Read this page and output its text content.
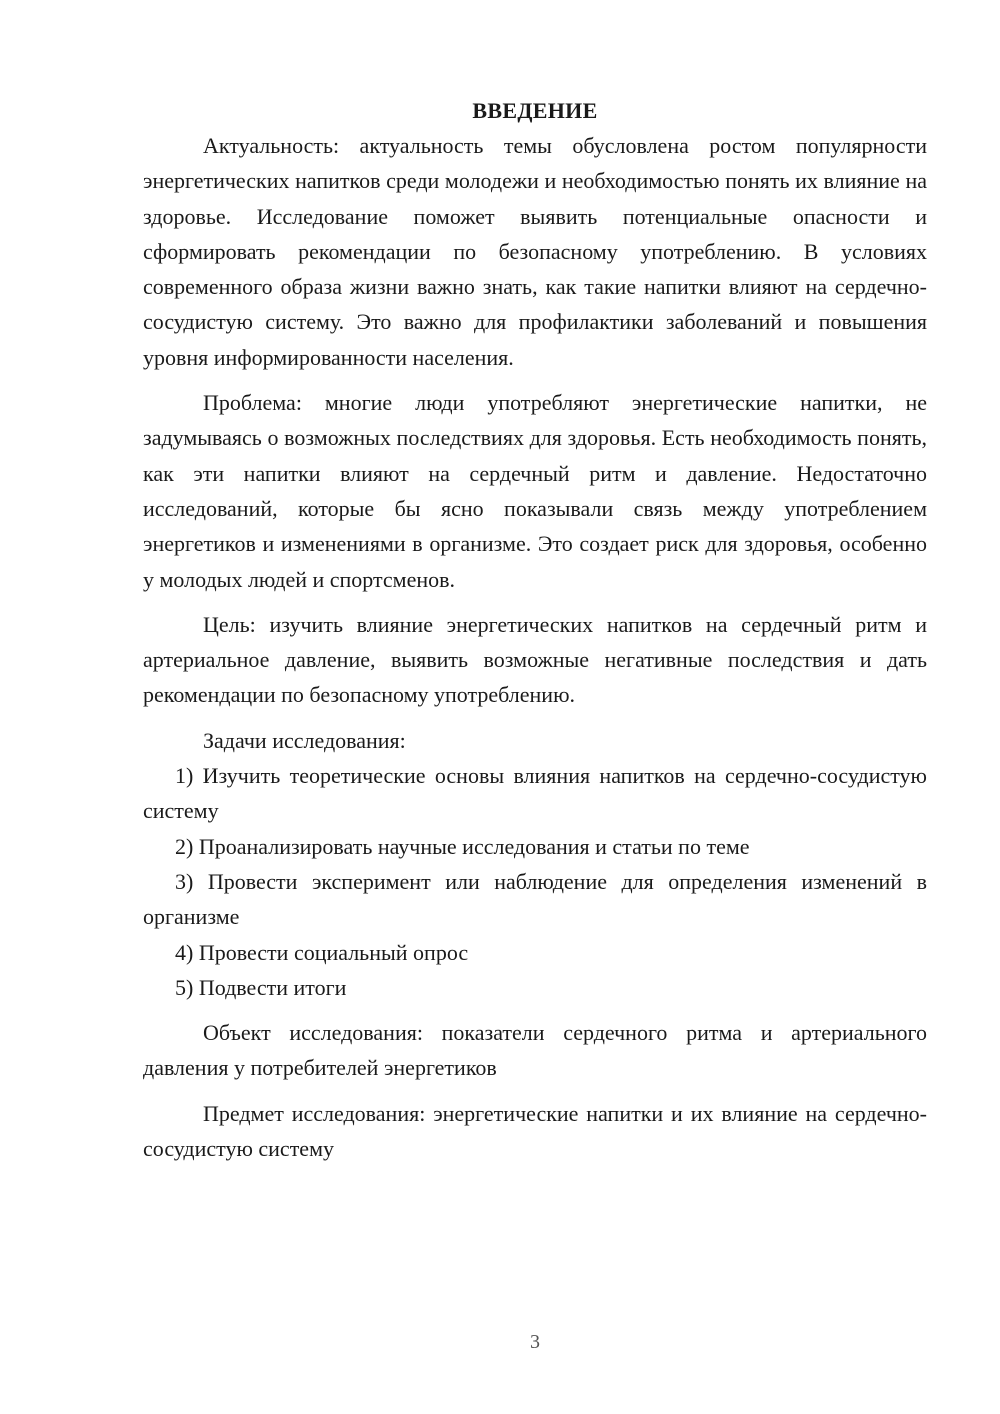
ВВЕДЕНИЕ

Актуальность: актуальность темы обусловлена ростом популярности энергетических напитков среди молодежи и необходимостью понять их влияние на здоровье. Исследование поможет выявить потенциальные опасности и сформировать рекомендации по безопасному употреблению. В условиях современного образа жизни важно знать, как такие напитки влияют на сердечно-сосудистую систему. Это важно для профилактики заболеваний и повышения уровня информированности населения.

Проблема: многие люди употребляют энергетические напитки, не задумываясь о возможных последствиях для здоровья. Есть необходимость понять, как эти напитки влияют на сердечный ритм и давление. Недостаточно исследований, которые бы ясно показывали связь между употреблением энергетиков и изменениями в организме. Это создает риск для здоровья, особенно у молодых людей и спортсменов.

Цель: изучить влияние энергетических напитков на сердечный ритм и артериальное давление, выявить возможные негативные последствия и дать рекомендации по безопасному употреблению.

Задачи исследования:

1) Изучить теоретические основы влияния напитков на сердечно-сосудистую систему

2) Проанализировать научные исследования и статьи по теме

3) Провести эксперимент или наблюдение для определения изменений в организме

4) Провести социальный опрос

5) Подвести итоги

Объект исследования: показатели сердечного ритма и артериального давления у потребителей энергетиков

Предмет исследования: энергетические напитки и их влияние на сердечно-сосудистую систему

3
